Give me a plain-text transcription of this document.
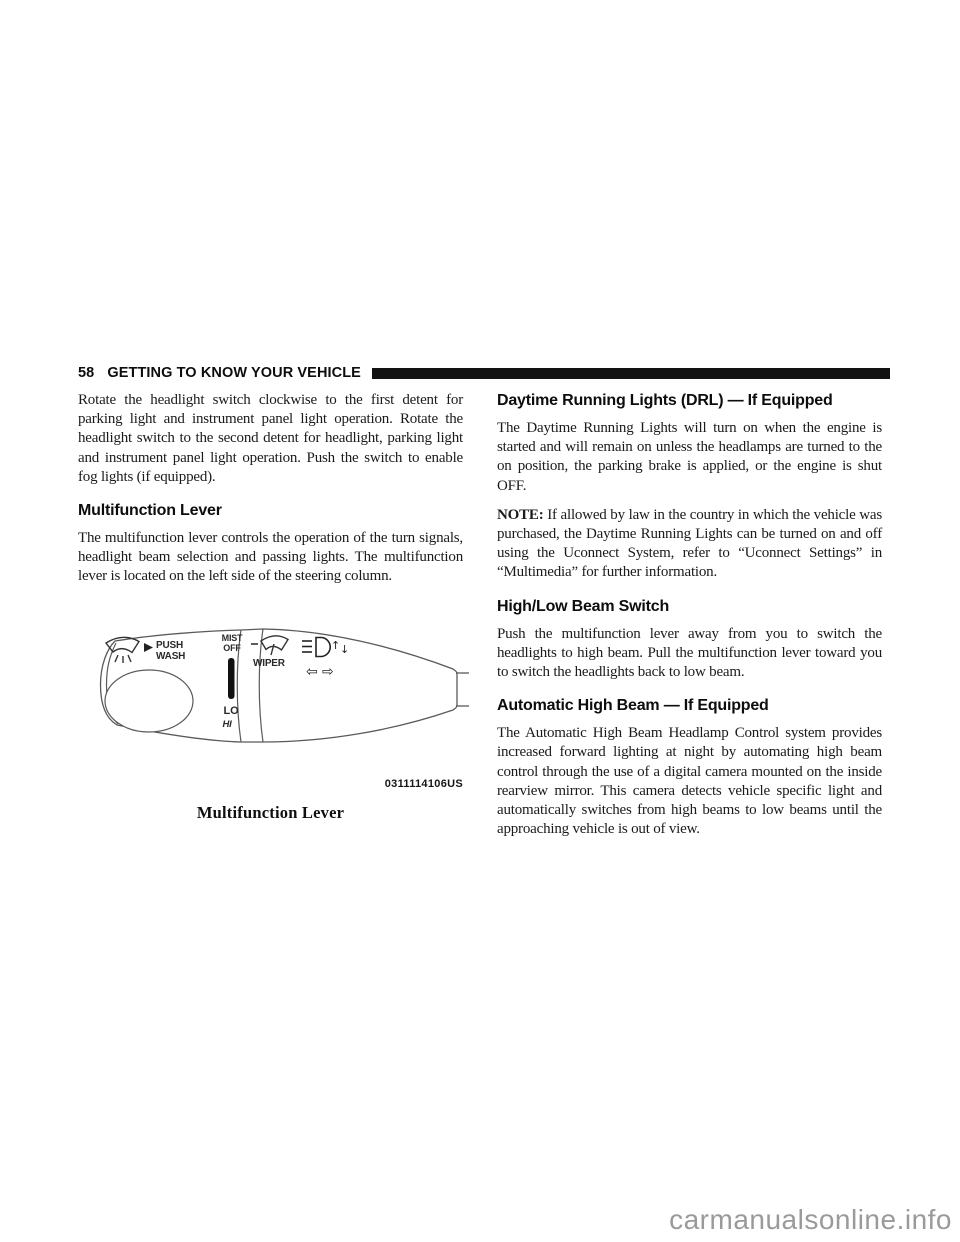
58 GETTING TO KNOW YOUR VEHICLE

Rotate the headlight switch clockwise to the first detent for parking light and instrument panel light operation. Rotate the headlight switch to the second detent for headlight, parking light and instrument panel light operation. Push the switch to enable fog lights (if equipped).

Multifunction Lever

The multifunction lever controls the operation of the turn signals, headlight beam selection and passing lights. The multifunction lever is located on the left side of the steering column.

MIST
OFF
LO
HI
PUSH
WASH
WIPER
↑ ↓
⇦ ⇨
0311114106US
Multifunction Lever
Daytime Running Lights (DRL) — If Equipped

The Daytime Running Lights will turn on when the engine is started and will remain on unless the headlamps are turned to the on position, the parking brake is applied, or the engine is shut OFF.

NOTE: If allowed by law in the country in which the vehicle was purchased, the Daytime Running Lights can be turned on and off using the Uconnect System, refer to “Uconnect Settings” in “Multimedia” for further information.

High/Low Beam Switch

Push the multifunction lever away from you to switch the headlights to high beam. Pull the multifunction lever toward you to switch the headlights back to low beam.

Automatic High Beam — If Equipped

The Automatic High Beam Headlamp Control system provides increased forward lighting at night by automating high beam control through the use of a digital camera mounted on the inside rearview mirror. This camera detects vehicle specific light and automatically switches from high beams to low beams until the approaching vehicle is out of view.

carmanualsonline.info
